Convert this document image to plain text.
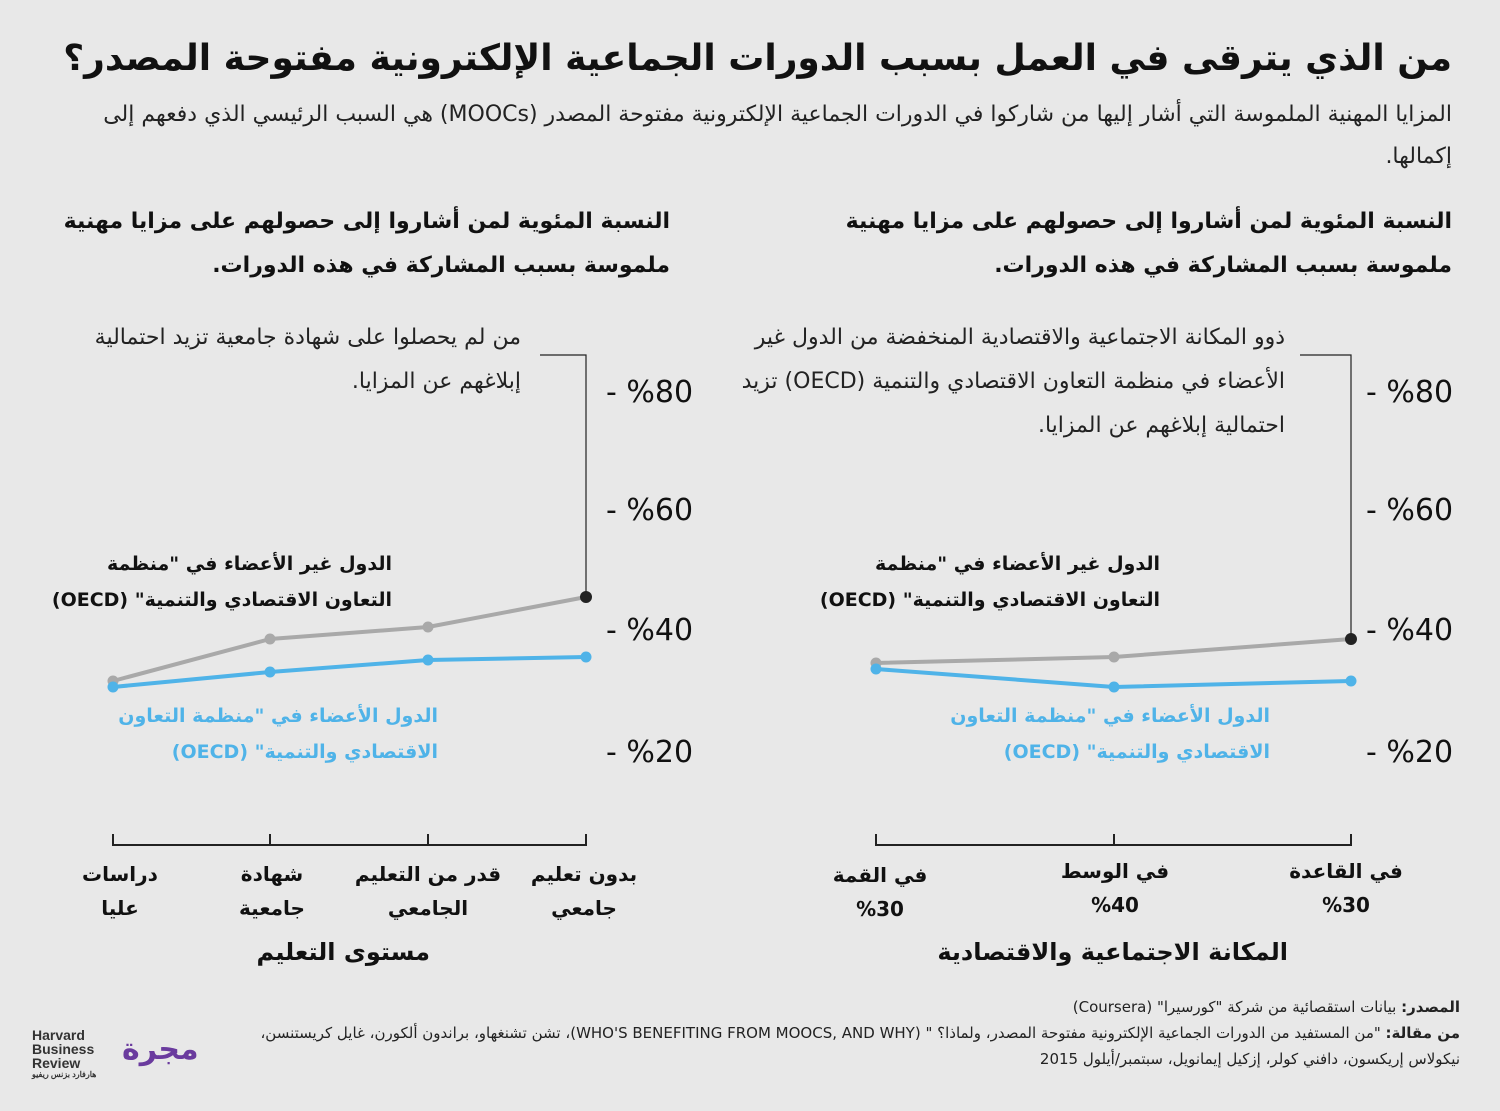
من الذي يترقى في العمل بسبب الدورات الجماعية الإلكترونية مفتوحة المصدر؟
المزايا المهنية الملموسة التي أشار إليها من شاركوا في الدورات الجماعية الإلكترونية مفتوحة المصدر (MOOCs) هي السبب الرئيسي الذي دفعهم إلى إكمالها.
النسبة المئوية لمن أشاروا إلى حصولهم على مزايا مهنية ملموسة بسبب المشاركة في هذه الدورات.
ذوو المكانة الاجتماعية والاقتصادية المنخفضة من الدول غير الأعضاء في منظمة التعاون الاقتصادي والتنمية (OECD) تزيد احتمالية إبلاغهم عن المزايا.
النسبة المئوية لمن أشاروا إلى حصولهم على مزايا مهنية ملموسة بسبب المشاركة في هذه الدورات.
من لم يحصلوا على شهادة جامعية تزيد احتمالية إبلاغهم عن المزايا.
الدول غير الأعضاء في "منظمة التعاون الاقتصادي والتنمية" (OECD)
الدول الأعضاء في "منظمة التعاون الاقتصادي والتنمية" (OECD)
- %80
- %60
- %40
- %20
في القاعدة
%30
في الوسط
%40
في القمة
%30
المكانة الاجتماعية والاقتصادية
الدول غير الأعضاء في "منظمة التعاون الاقتصادي والتنمية" (OECD)
الدول الأعضاء في "منظمة التعاون الاقتصادي والتنمية" (OECD)
- %80
- %60
- %40
- %20
بدون تعليم
جامعي
قدر من التعليم
الجامعي
شهادة
جامعية
دراسات
عليا
مستوى التعليم
المصدر: بيانات استقصائية من شركة "كورسيرا" (Coursera)
من مقالة: "من المستفيد من الدورات الجماعية الإلكترونية مفتوحة المصدر، ولماذا؟ " (WHO'S BENEFITING FROM MOOCS, AND WHY)، تشن تشنغهاو، براندون ألكورن، غايل كريستنسن، نيكولاس إريكسون، دافني كولر، إزكيل إيمانويل، سبتمبر/أيلول 2015
Harvard Business Review
هارفارد بزنس ريفيو
مجرة
